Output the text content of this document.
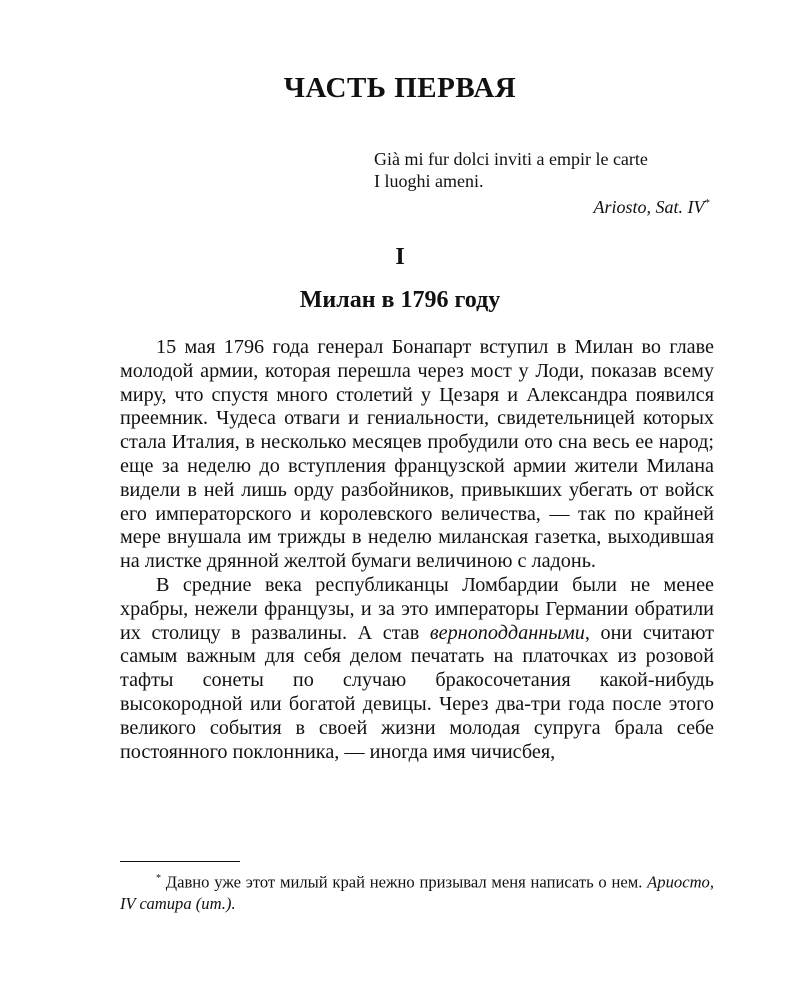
ЧАСТЬ ПЕРВАЯ
Già mi fur dolci inviti a empir le carte
I luoghi ameni.
Ariosto, Sat. IV*
I
Милан в 1796 году

15 мая 1796 года генерал Бонапарт вступил в Милан во главе молодой армии, которая перешла через мост у Лоди, показав всему миру, что спустя много столетий у Цезаря и Александра появился преемник. Чудеса отваги и гениальности, свидетельницей которых стала Италия, в несколько месяцев пробудили ото сна весь ее народ; еще за неделю до вступления французской армии жители Милана видели в ней лишь орду разбойников, привыкших убегать от войск его императорского и королевского величества, — так по крайней мере внушала им трижды в неделю миланская газетка, выходившая на листке дрянной желтой бумаги величиною с ладонь.

В средние века республиканцы Ломбардии были не менее храбры, нежели французы, и за это императоры Германии обратили их столицу в развалины. А став верноподданными, они считают самым важным для себя делом печатать на платочках из розовой тафты сонеты по случаю бракосочетания какой-нибудь высокородной или богатой девицы. Через два-три года после этого великого события в своей жизни молодая супруга брала себе постоянного поклонника, — иногда имя чичисбея,

* Давно уже этот милый край нежно призывал меня написать о нем. Ариосто, IV сатира (ит.).
